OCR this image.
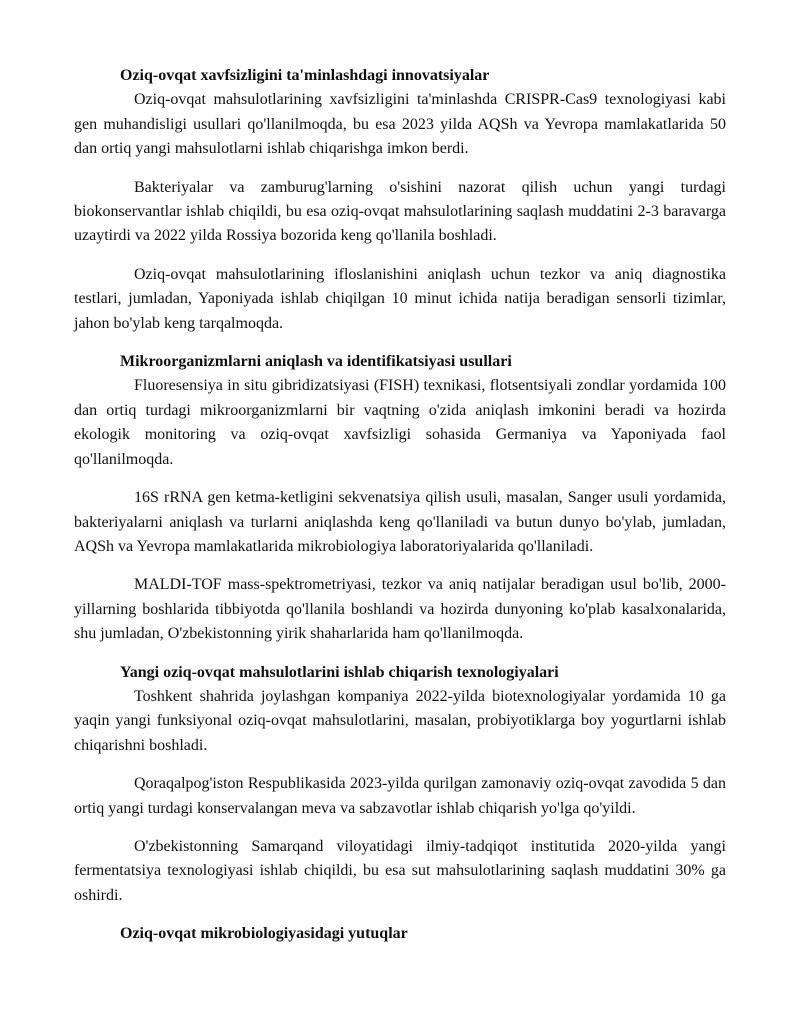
Oziq-ovqat xavfsizligini ta'minlashdagi innovatsiyalar

Oziq-ovqat mahsulotlarining xavfsizligini ta'minlashda CRISPR-Cas9 texnologiyasi kabi gen muhandisligi usullari qo'llanilmoqda, bu esa 2023 yilda AQSh va Yevropa mamlakatlarida 50 dan ortiq yangi mahsulotlarni ishlab chiqarishga imkon berdi.

Bakteriyalar va zamburug'larning o'sishini nazorat qilish uchun yangi turdagi biokonservantlar ishlab chiqildi, bu esa oziq-ovqat mahsulotlarining saqlash muddatini 2-3 baravarga uzaytirdi va 2022 yilda Rossiya bozorida keng qo'llanila boshladi.

Oziq-ovqat mahsulotlarining ifloslanishini aniqlash uchun tezkor va aniq diagnostika testlari, jumladan, Yaponiyada ishlab chiqilgan 10 minut ichida natija beradigan sensorli tizimlar, jahon bo'ylab keng tarqalmoqda.

Mikroorganizmlarni aniqlash va identifikatsiyasi usullari

Fluoresensiya in situ gibridizatsiyasi (FISH) texnikasi, flotsentsiyali zondlar yordamida 100 dan ortiq turdagi mikroorganizmlarni bir vaqtning o'zida aniqlash imkonini beradi va hozirda ekologik monitoring va oziq-ovqat xavfsizligi sohasida Germaniya va Yaponiyada faol qo'llanilmoqda.

16S rRNA gen ketma-ketligini sekvenatsiya qilish usuli, masalan, Sanger usuli yordamida, bakteriyalarni aniqlash va turlarni aniqlashda keng qo'llaniladi va butun dunyo bo'ylab, jumladan, AQSh va Yevropa mamlakatlarida mikrobiologiya laboratoriyalarida qo'llaniladi.

MALDI-TOF mass-spektrometriyasi, tezkor va aniq natijalar beradigan usul bo'lib, 2000-yillarning boshlarida tibbiyotda qo'llanila boshlandi va hozirda dunyoning ko'plab kasalxonalarida, shu jumladan, O'zbekistonning yirik shaharlarida ham qo'llanilmoqda.

Yangi oziq-ovqat mahsulotlarini ishlab chiqarish texnologiyalari

Toshkent shahrida joylashgan kompaniya 2022-yilda biotexnologiyalar yordamida 10 ga yaqin yangi funksiyonal oziq-ovqat mahsulotlarini, masalan, probiyotiklarga boy yogurtlarni ishlab chiqarishni boshladi.

Qoraqalpog'iston Respublikasida 2023-yilda qurilgan zamonaviy oziq-ovqat zavodida 5 dan ortiq yangi turdagi konservalangan meva va sabzavotlar ishlab chiqarish yo'lga qo'yildi.

O'zbekistonning Samarqand viloyatidagi ilmiy-tadqiqot institutida 2020-yilda yangi fermentatsiya texnologiyasi ishlab chiqildi, bu esa sut mahsulotlarining saqlash muddatini 30% ga oshirdi.

Oziq-ovqat mikrobiologiyasidagi yutuqlar
